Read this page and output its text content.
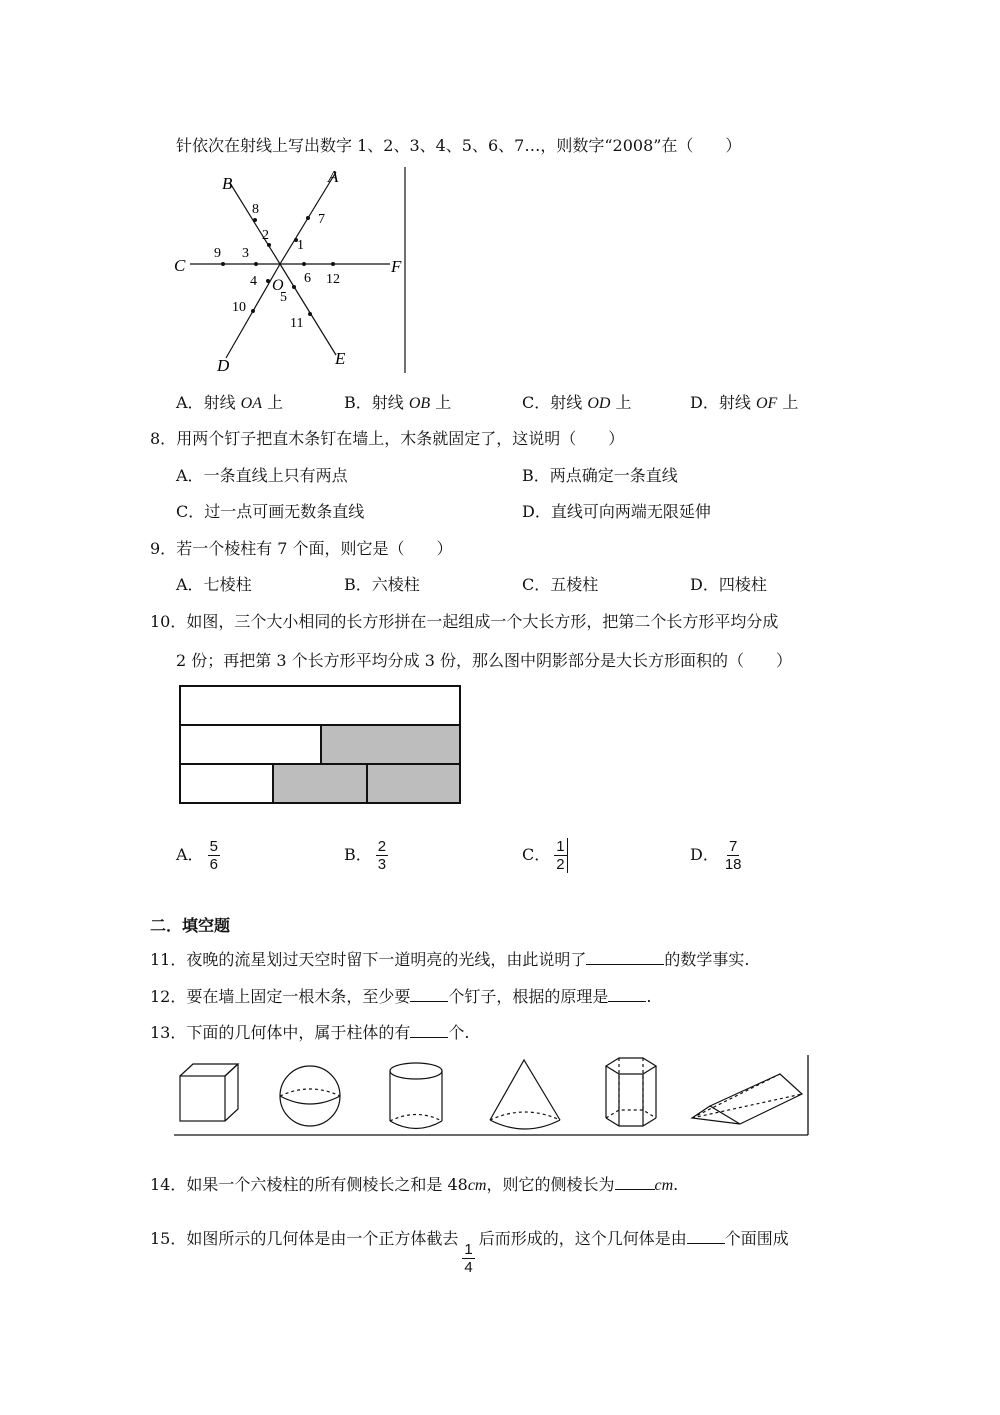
针依次在射线上写出数字 1、2、3、4、5、6、7…，则数字“2008”在（　　）
A
B
C
D	E
F
O
1
2
3
4
5
6
7
8
9
10
11
12
A．射线 OA 上	B．射线 OB 上	C．射线 OD 上	D．射线 OF 上
8．用两个钉子把直木条钉在墙上，木条就固定了，这说明（　　）
A．一条直线上只有两点	B．两点确定一条直线
C．过一点可画无数条直线	D．直线可向两端无限延伸
9．若一个棱柱有 7 个面，则它是（　　）
A．七棱柱	B．六棱柱	C．五棱柱	D．四棱柱
10．如图，三个大小相同的长方形拼在一起组成一个大长方形，把第二个长方形平均分成
2 份；再把第 3 个长方形平均分成 3 份，那么图中阴影部分是大长方形面积的（　　）
A． $\frac{5}{6}$	B． $\frac{2}{3}$	C． $\frac{1}{2}$	D． $\frac{7}{18}$
二．填空题
11．夜晚的流星划过天空时留下一道明亮的光线，由此说明了	的数学事实.
12．要在墙上固定一根木条，至少要 个钉子，根据的原理是 .
13．下面的几何体中，属于柱体的有 个.
14．如果一个六棱柱的所有侧棱长之和是 48cm，则它的侧棱长为	cm.
15．如图所示的几何体是由一个正方体截去
$\frac{1}{4}$
后而形成的，这个几何体是由 个面围成
